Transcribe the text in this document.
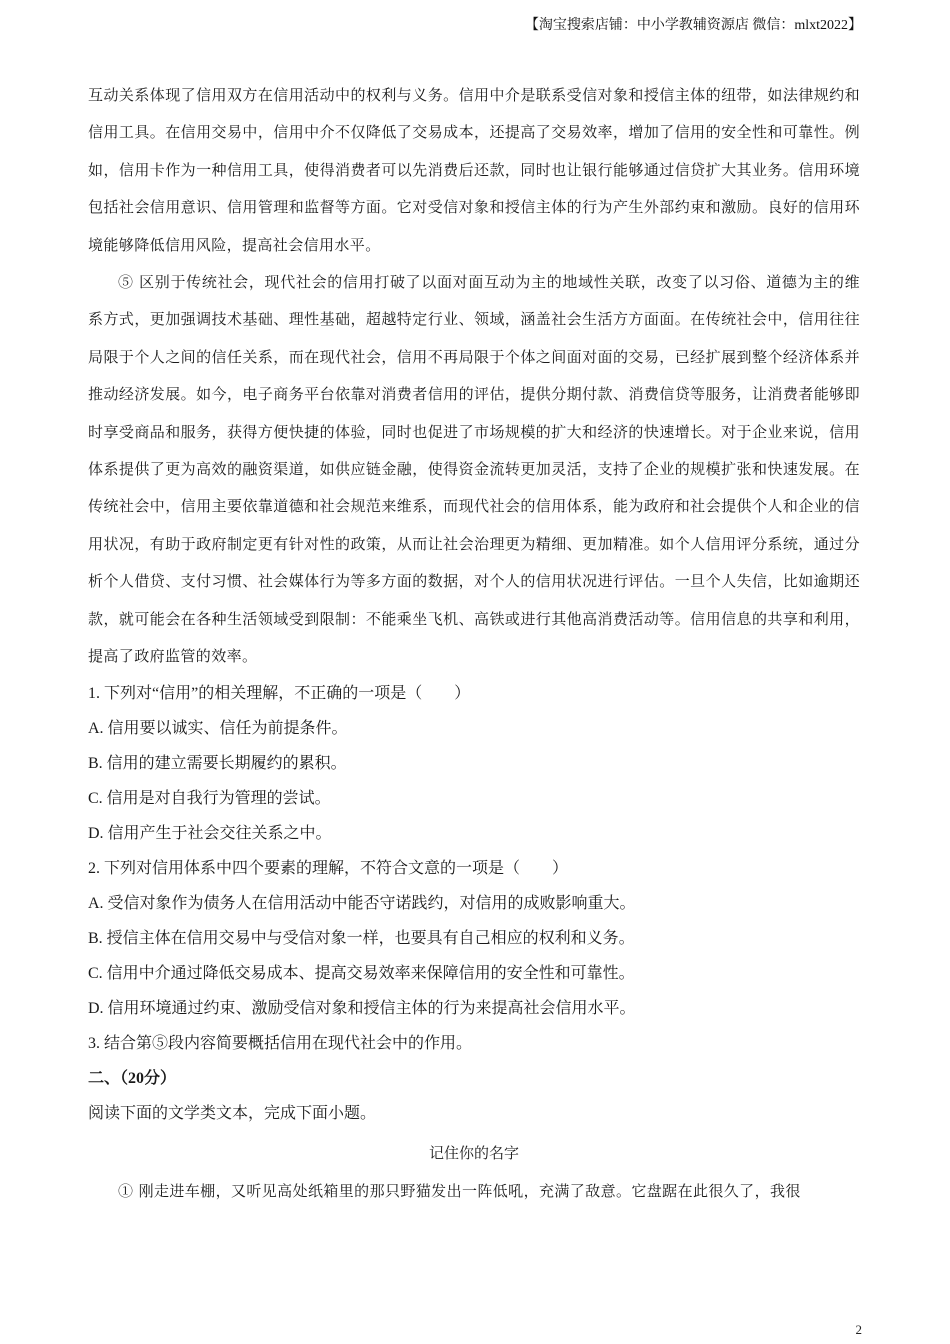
【淘宝搜索店铺：中小学教辅资源店 微信：mlxt2022】

互动关系体现了信用双方在信用活动中的权利与义务。信用中介是联系受信对象和授信主体的纽带，如法律规约和信用工具。在信用交易中，信用中介不仅降低了交易成本，还提高了交易效率，增加了信用的安全性和可靠性。例如，信用卡作为一种信用工具，使得消费者可以先消费后还款，同时也让银行能够通过信贷扩大其业务。信用环境包括社会信用意识、信用管理和监督等方面。它对受信对象和授信主体的行为产生外部约束和激励。良好的信用环境能够降低信用风险，提高社会信用水平。

⑤ 区别于传统社会，现代社会的信用打破了以面对面互动为主的地域性关联，改变了以习俗、道德为主的维系方式，更加强调技术基础、理性基础，超越特定行业、领域，涵盖社会生活方方面面。在传统社会中，信用往往局限于个人之间的信任关系，而在现代社会，信用不再局限于个体之间面对面的交易，已经扩展到整个经济体系并推动经济发展。如今，电子商务平台依靠对消费者信用的评估，提供分期付款、消费信贷等服务，让消费者能够即时享受商品和服务，获得方便快捷的体验，同时也促进了市场规模的扩大和经济的快速增长。对于企业来说，信用体系提供了更为高效的融资渠道，如供应链金融，使得资金流转更加灵活，支持了企业的规模扩张和快速发展。在传统社会中，信用主要依靠道德和社会规范来维系，而现代社会的信用体系，能为政府和社会提供个人和企业的信用状况，有助于政府制定更有针对性的政策，从而让社会治理更为精细、更加精准。如个人信用评分系统，通过分析个人借贷、支付习惯、社会媒体行为等多方面的数据，对个人的信用状况进行评估。一旦个人失信，比如逾期还款，就可能会在各种生活领域受到限制：不能乘坐飞机、高铁或进行其他高消费活动等。信用信息的共享和利用，提高了政府监管的效率。

1. 下列对“信用”的相关理解，不正确的一项是（　　）

A. 信用要以诚实、信任为前提条件。

B. 信用的建立需要长期履约的累积。

C. 信用是对自我行为管理的尝试。

D. 信用产生于社会交往关系之中。

2. 下列对信用体系中四个要素的理解，不符合文意的一项是（　　）

A. 受信对象作为债务人在信用活动中能否守诺践约，对信用的成败影响重大。

B. 授信主体在信用交易中与受信对象一样，也要具有自己相应的权利和义务。

C. 信用中介通过降低交易成本、提高交易效率来保障信用的安全性和可靠性。

D. 信用环境通过约束、激励受信对象和授信主体的行为来提高社会信用水平。

3. 结合第⑤段内容简要概括信用在现代社会中的作用。

二、（20分）

阅读下面的文学类文本，完成下面小题。

记住你的名字

① 刚走进车棚，又听见高处纸箱里的那只野猫发出一阵低吼，充满了敌意。它盘踞在此很久了，我很

2
